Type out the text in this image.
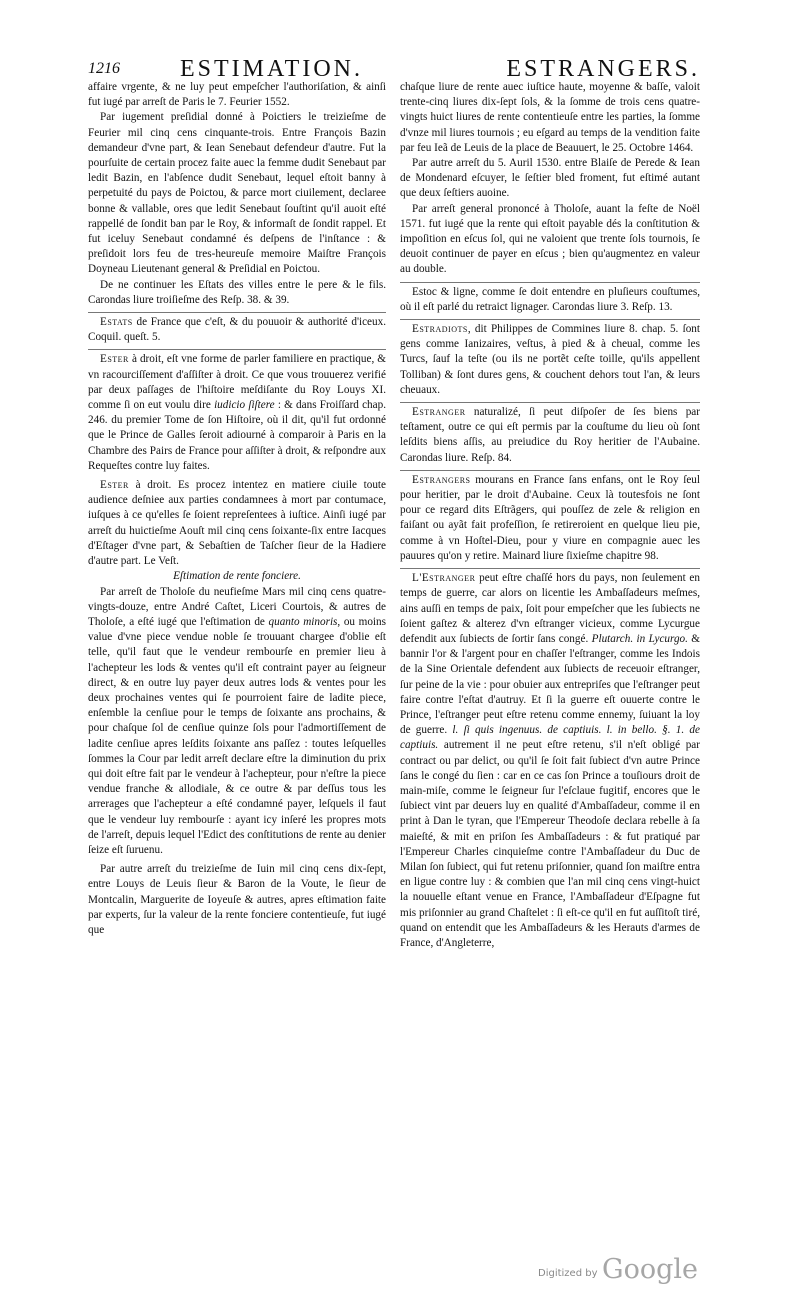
1216	ESTIMATION.	ESTRANGERS.

affaire vrgente, & ne luy peut empeſcher l'authoriſation, & ainſi fut iugé par arreſt de Paris le 7. Feurier 1552.

Par iugement preſidial donné à Poictiers le treizieſme de Feurier mil cinq cens cinquante-trois. Entre François Bazin demandeur d'vne part, & Iean Senebaut defendeur d'autre. Fut la pourſuite de certain procez faite auec la femme dudit Senebaut par ledit Bazin, en l'abſence dudit Senebaut, lequel eſtoit banny à perpetuité du pays de Poictou, & parce mort ciuilement, declaree bonne & vallable, ores que ledit Senebaut ſouſtint qu'il auoit eſté rappellé de ſondit ban par le Roy, & informaſt de ſondit rappel. Et fut iceluy Senebaut condamné és deſpens de l'inſtance : & preſidoit lors feu de tres-heureuſe memoire Maiſtre François Doyneau Lieutenant general & Preſidial en Poictou.

De ne continuer les Eſtats des villes entre le pere & le fils. Carondas liure troiſieſme des Reſp. 38. & 39.

Estats de France que c'eſt, & du pouuoir & authorité d'iceux. Coquil. queſt. 5.

Ester à droit, eſt vne forme de parler familiere en practique, & vn racourciſſement d'aſſiſter à droit. Ce que vous trouuerez verifié par deux paſſages de l'hiſtoire meſdiſante du Roy Louys XI. comme ſi on eut voulu dire iudicio ſiſtere : & dans Froiſſard chap. 246. du premier Tome de ſon Hiſtoire, où il dit, qu'il fut ordonné que le Prince de Galles ſeroit adiourné à comparoir à Paris en la Chambre des Pairs de France pour aſſiſter à droit, & reſpondre aux Requeſtes contre luy faites.

Ester à droit. Es procez intentez en matiere ciuile toute audience deſniee aux parties condamnees à mort par contumace, iuſques à ce qu'elles ſe ſoient repreſentees à iuſtice. Ainſi iugé par arreſt du huictieſme Aouſt mil cinq cens ſoixante-ſix entre Iacques d'Eſtager d'vne part, & Sebaſtien de Taſcher ſieur de la Hadiere d'autre part. Le Veſt.

Eſtimation de rente fonciere.

Par arreſt de Tholoſe du neufieſme Mars mil cinq cens quatre-vingts-douze, entre André Caſtet, Liceri Courtois, & autres de Tholoſe, a eſté iugé que l'eſtimation de quanto minoris, ou moins value d'vne piece vendue noble ſe trouuant chargee d'oblie eſt telle, qu'il faut que le vendeur rembourſe en premier lieu à l'achepteur les lods & ventes qu'il eſt contraint payer au ſeigneur direct, & en outre luy payer deux autres lods & ventes pour les deux prochaines ventes qui ſe pourroient faire de ladite piece, enſemble la cenſiue pour le temps de ſoixante ans prochains, & pour chaſque ſol de cenſiue quinze ſols pour l'admortiſſement de ladite cenſiue apres leſdits ſoixante ans paſſez : toutes leſquelles ſommes la Cour par ledit arreſt declare eſtre la diminution du prix qui doit eſtre fait par le vendeur à l'achepteur, pour n'eſtre la piece vendue franche & allodiale, & ce outre & par deſſus tous les arrerages que l'achepteur a eſté condamné payer, leſquels il faut que le vendeur luy rembourſe : ayant icy inſeré les propres mots de l'arreſt, depuis lequel l'Edict des conſtitutions de rente au denier ſeize eſt ſuruenu.

Par autre arreſt du treizieſme de Iuin mil cinq cens dix-ſept, entre Louys de Leuis ſieur & Baron de la Voute, le ſieur de Montcalin, Marguerite de Ioyeuſe & autres, apres eſtimation faite par experts, ſur la valeur de la rente fonciere contentieuſe, fut iugé que

chaſque liure de rente auec iuſtice haute, moyenne & baſſe, valoit trente-cinq liures dix-ſept ſols, & la ſomme de trois cens quatre-vingts huict liures de rente contentieuſe entre les parties, la ſomme d'vnze mil liures tournois ; eu eſgard au temps de la vendition faite par feu Ieã de Leuis de la place de Beauuert, le 25. Octobre 1464.

Par autre arreſt du 5. Auril 1530. entre Blaiſe de Perede & Iean de Mondenard eſcuyer, le ſeſtier bled froment, fut eſtimé autant que deux ſeſtiers auoine.

Par arreſt general prononcé à Tholoſe, auant la feſte de Noël 1571. fut iugé que la rente qui eſtoit payable dés la conſtitution & impoſition en eſcus ſol, qui ne valoient que trente ſols tournois, ſe deuoit continuer de payer en eſcus ; bien qu'augmentez en valeur au double.

Estoc & ligne, comme ſe doit entendre en pluſieurs couſtumes, où il eſt parlé du retraict lignager. Carondas liure 3. Reſp. 13.

Estradiots, dit Philippes de Commines liure 8. chap. 5. ſont gens comme Ianizaires, veſtus, à pied & à cheual, comme les Turcs, ſauf la teſte (ou ils ne portẽt ceſte toille, qu'ils appellent Tolliban) & ſont dures gens, & couchent dehors tout l'an, & leurs cheuaux.

Estranger naturalizé, ſi peut diſpoſer de ſes biens par teſtament, outre ce qui eſt permis par la couſtume du lieu où ſont leſdits biens aſſis, au preiudice du Roy heritier de l'Aubaine. Carondas liure. Reſp. 84.

Estrangers mourans en France ſans enfans, ont le Roy ſeul pour heritier, par le droit d'Aubaine. Ceux là toutesfois ne ſont pour ce regard dits Eſtrãgers, qui pouſſez de zele & religion en faiſant ou ayãt fait profeſſion, ſe retireroient en quelque lieu pie, comme à vn Hoſtel-Dieu, pour y viure en compagnie auec les pauures qu'on y retire. Mainard liure ſixieſme chapitre 98.

L'Estranger peut eſtre chaſſé hors du pays, non ſeulement en temps de guerre, car alors on licentie les Ambaſſadeurs meſmes, ains auſſi en temps de paix, ſoit pour empeſcher que les ſubiects ne ſoient gaſtez & alterez d'vn eſtranger vicieux, comme Lycurgue defendit aux ſubiects de ſortir ſans congé. Plutarch. in Lycurgo. & bannir l'or & l'argent pour en chaſſer l'eſtranger, comme les Indois de la Sine Orientale defendent aux ſubiects de receuoir eſtranger, ſur peine de la vie : pour obuier aux entrepriſes que l'eſtranger peut faire contre l'eſtat d'autruy. Et ſi la guerre eſt ouuerte contre le Prince, l'eſtranger peut eſtre retenu comme ennemy, ſuiuant la loy de guerre. l. ſi quis ingenuus. de captiuis. l. in bello. §. 1. de captiuis. autrement il ne peut eſtre retenu, s'il n'eſt obligé par contract ou par delict, ou qu'il ſe ſoit fait ſubiect d'vn autre Prince ſans le congé du ſien : car en ce cas ſon Prince a touſiours droit de main-miſe, comme le ſeigneur ſur l'eſclaue fugitif, encores que le ſubiect vint par deuers luy en qualité d'Ambaſſadeur, comme il en print à Dan le tyran, que l'Empereur Theodoſe declara rebelle à ſa maieſté, & mit en priſon ſes Ambaſſadeurs : & fut pratiqué par l'Empereur Charles cinquieſme contre l'Ambaſſadeur du Duc de Milan ſon ſubiect, qui fut retenu priſonnier, quand ſon maiſtre entra en ligue contre luy : & combien que l'an mil cinq cens vingt-huict la nouuelle eſtant venue en France, l'Ambaſſadeur d'Eſpagne fut mis priſonnier au grand Chaſtelet : ſi eſt-ce qu'il en fut auſſitoſt tiré, quand on entendit que les Ambaſſadeurs & les Herauts d'armes de France, d'Angleterre,

Digitized by Google
